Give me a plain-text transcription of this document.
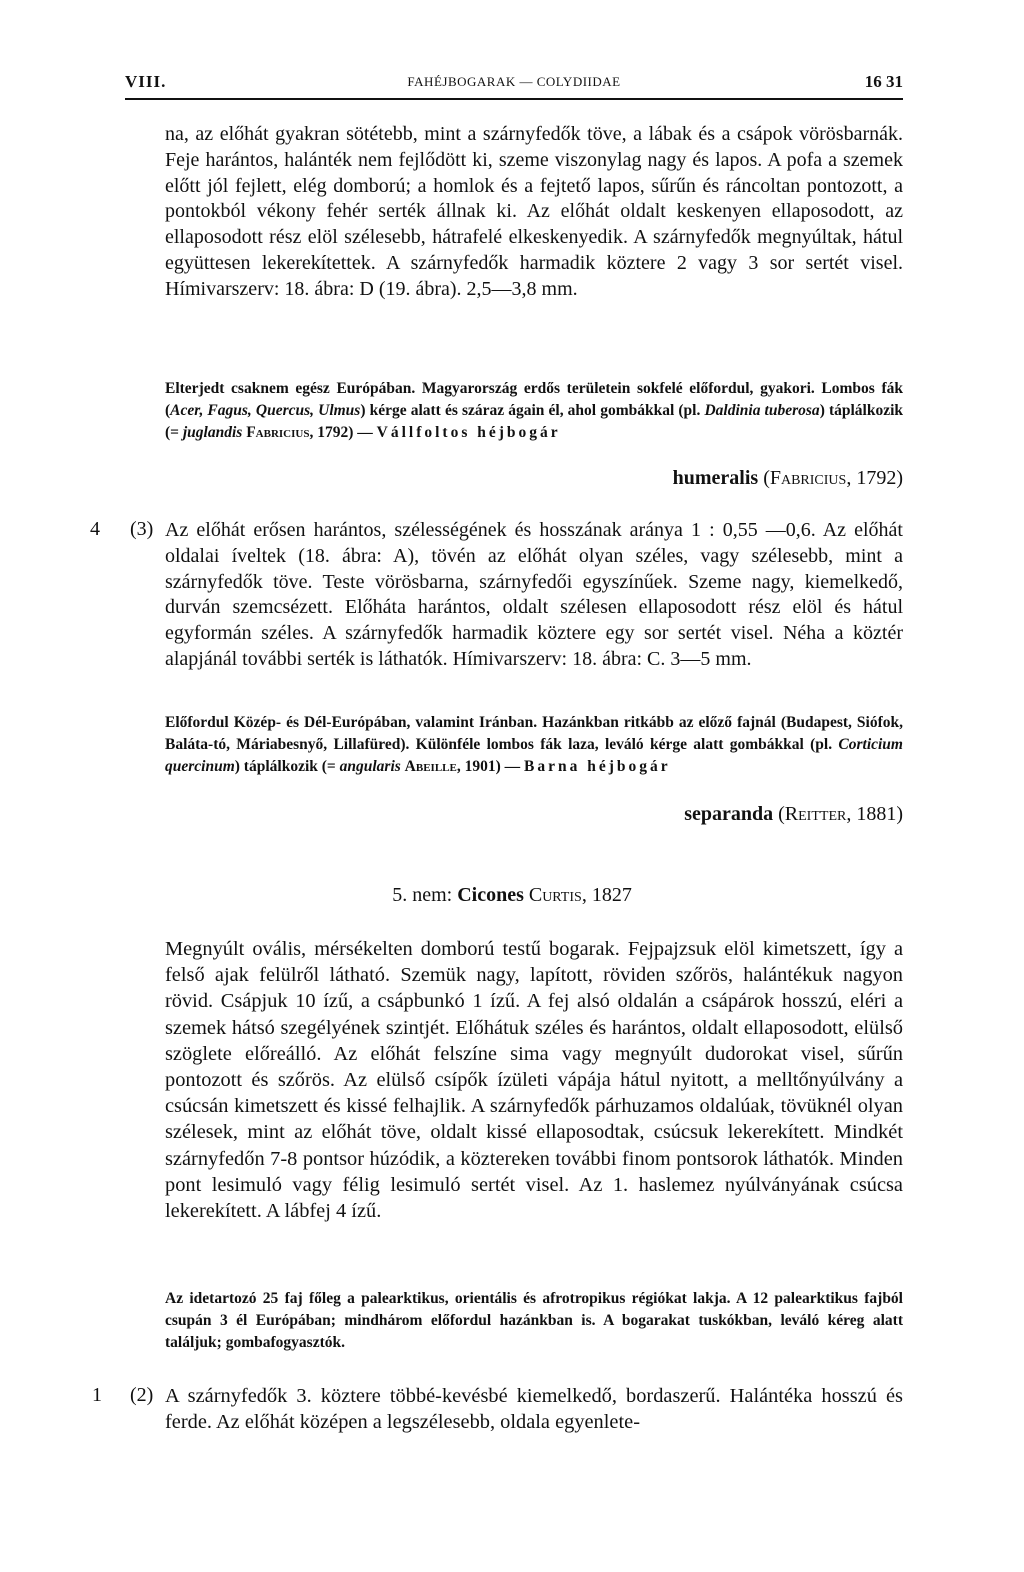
VIII.	FAHÉJBOGARAK — COLYDIIDAE	16 31

na, az előhát gyakran sötétebb, mint a szárnyfedők töve, a lábak és a csápok vörösbarnák. Feje harántos, halánték nem fejlődött ki, szeme viszonylag nagy és lapos. A pofa a szemek előtt jól fejlett, elég domború; a homlok és a fejtető lapos, sűrűn és ráncoltan pontozott, a pontokból vékony fehér serték állnak ki. Az előhát oldalt keskenyen ellaposodott, az ellaposodott rész elöl szélesebb, hátrafelé elkeskenyedik. A szárnyfedők megnyúltak, hátul együttesen lekerekítettek. A szárnyfedők harmadik köztere 2 vagy 3 sor sertét visel. Hímivarszerv: 18. ábra: D (19. ábra). 2,5—3,8 mm.

Elterjedt csaknem egész Európában. Magyarország erdős területein sokfelé előfordul, gyakori. Lombos fák (Acer, Fagus, Quercus, Ulmus) kérge alatt és száraz ágain él, ahol gombákkal (pl. Daldinia tuberosa) táplálkozik (= juglandis Fabricius, 1792) — Vállfoltos héjbogár

humeralis (Fabricius, 1792)
4 (3) Az előhát erősen harántos, szélességének és hosszának aránya 1 : 0,55 —0,6. Az előhát oldalai íveltek (18. ábra: A), tövén az előhát olyan széles, vagy szélesebb, mint a szárnyfedők töve. Teste vörösbarna, szárnyfedői egyszínűek. Szeme nagy, kiemelkedő, durván szemcsézett. Előháta harántos, oldalt szélesen ellaposodott rész elöl és hátul egyformán széles. A szárnyfedők harmadik köztere egy sor sertét visel. Néha a köztér alapjánál további serték is láthatók. Hímivarszerv: 18. ábra: C. 3—5 mm.

Előfordul Közép- és Dél-Európában, valamint Iránban. Hazánkban ritkább az előző fajnál (Budapest, Siófok, Baláta-tó, Máriabesnyő, Lillafüred). Különféle lombos fák laza, leváló kérge alatt gombákkal (pl. Corticium quercinum) táplálkozik (= angularis Abeille, 1901) — Barna héjbogár

separanda (Reitter, 1881)
5. nem: Cicones Curtis, 1827

Megnyúlt ovális, mérsékelten domború testű bogarak. Fejpajzsuk elöl kimetszett, így a felső ajak felülről látható. Szemük nagy, lapított, röviden szőrös, halántékuk nagyon rövid. Csápjuk 10 ízű, a csápbunkó 1 ízű. A fej alsó oldalán a csápárok hosszú, eléri a szemek hátsó szegélyének szintjét. Előhátuk széles és harántos, oldalt ellaposodott, elülső szöglete előreálló. Az előhát felszíne sima vagy megnyúlt dudorokat visel, sűrűn pontozott és szőrös. Az elülső csípők ízületi vápája hátul nyitott, a melltőnyúlvány a csúcsán kimetszett és kissé felhajlik. A szárnyfedők párhuzamos oldalúak, tövüknél olyan szélesek, mint az előhát töve, oldalt kissé ellaposodtak, csúcsuk lekerekített. Mindkét szárnyfedőn 7-8 pontsor húzódik, a köztereken további finom pontsorok láthatók. Minden pont lesimuló vagy félig lesimuló sertét visel. Az 1. haslemez nyúlványának csúcsa lekerekített. A lábfej 4 ízű.

Az idetartozó 25 faj főleg a palearktikus, orientális és afrotropikus régiókat lakja. A 12 palearktikus fajból csupán 3 él Európában; mindhárom előfordul hazánkban is. A bogarakat tuskókban, leváló kéreg alatt találjuk; gombafogyasztók.

1 (2) A szárnyfedők 3. köztere többé-kevésbé kiemelkedő, bordaszerű. Halántéka hosszú és ferde. Az előhát középen a legszélesebb, oldala egyenlete-
